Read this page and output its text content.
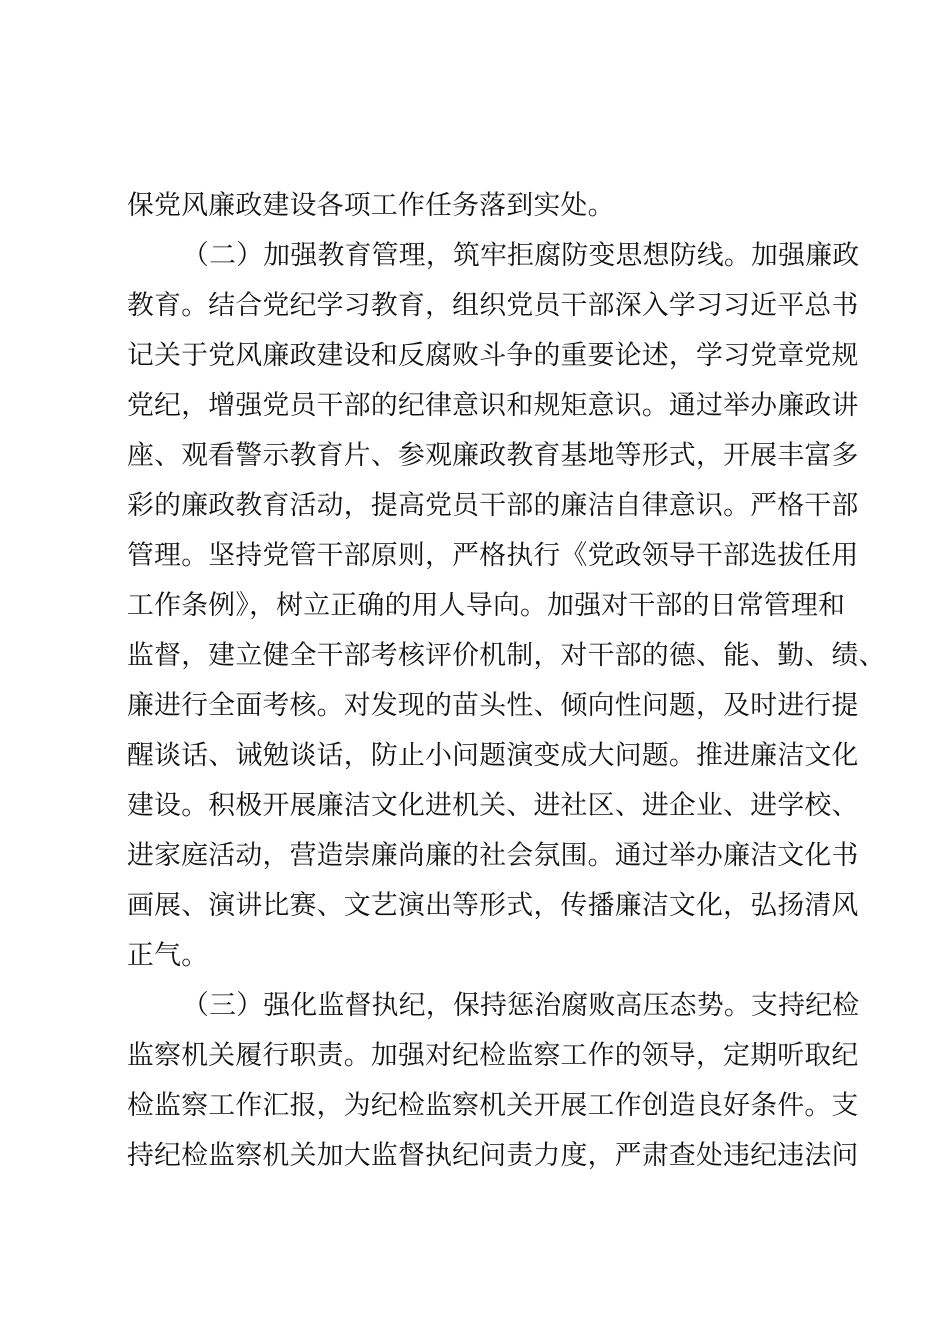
保党风廉政建设各项工作任务落到实处。
（二）加强教育管理，筑牢拒腐防变思想防线。加强廉政
教育。结合党纪学习教育，组织党员干部深入学习习近平总书
记关于党风廉政建设和反腐败斗争的重要论述，学习党章党规
党纪，增强党员干部的纪律意识和规矩意识。通过举办廉政讲
座、观看警示教育片、参观廉政教育基地等形式，开展丰富多
彩的廉政教育活动，提高党员干部的廉洁自律意识。严格干部
管理。坚持党管干部原则，严格执行《党政领导干部选拔任用
工作条例》，树立正确的用人导向。加强对干部的日常管理和
监督，建立健全干部考核评价机制，对干部的德、能、勤、绩、
廉进行全面考核。对发现的苗头性、倾向性问题，及时进行提
醒谈话、诫勉谈话，防止小问题演变成大问题。推进廉洁文化
建设。积极开展廉洁文化进机关、进社区、进企业、进学校、
进家庭活动，营造崇廉尚廉的社会氛围。通过举办廉洁文化书
画展、演讲比赛、文艺演出等形式，传播廉洁文化，弘扬清风
正气。
（三）强化监督执纪，保持惩治腐败高压态势。支持纪检
监察机关履行职责。加强对纪检监察工作的领导，定期听取纪
检监察工作汇报，为纪检监察机关开展工作创造良好条件。支
持纪检监察机关加大监督执纪问责力度，严肃查处违纪违法问
